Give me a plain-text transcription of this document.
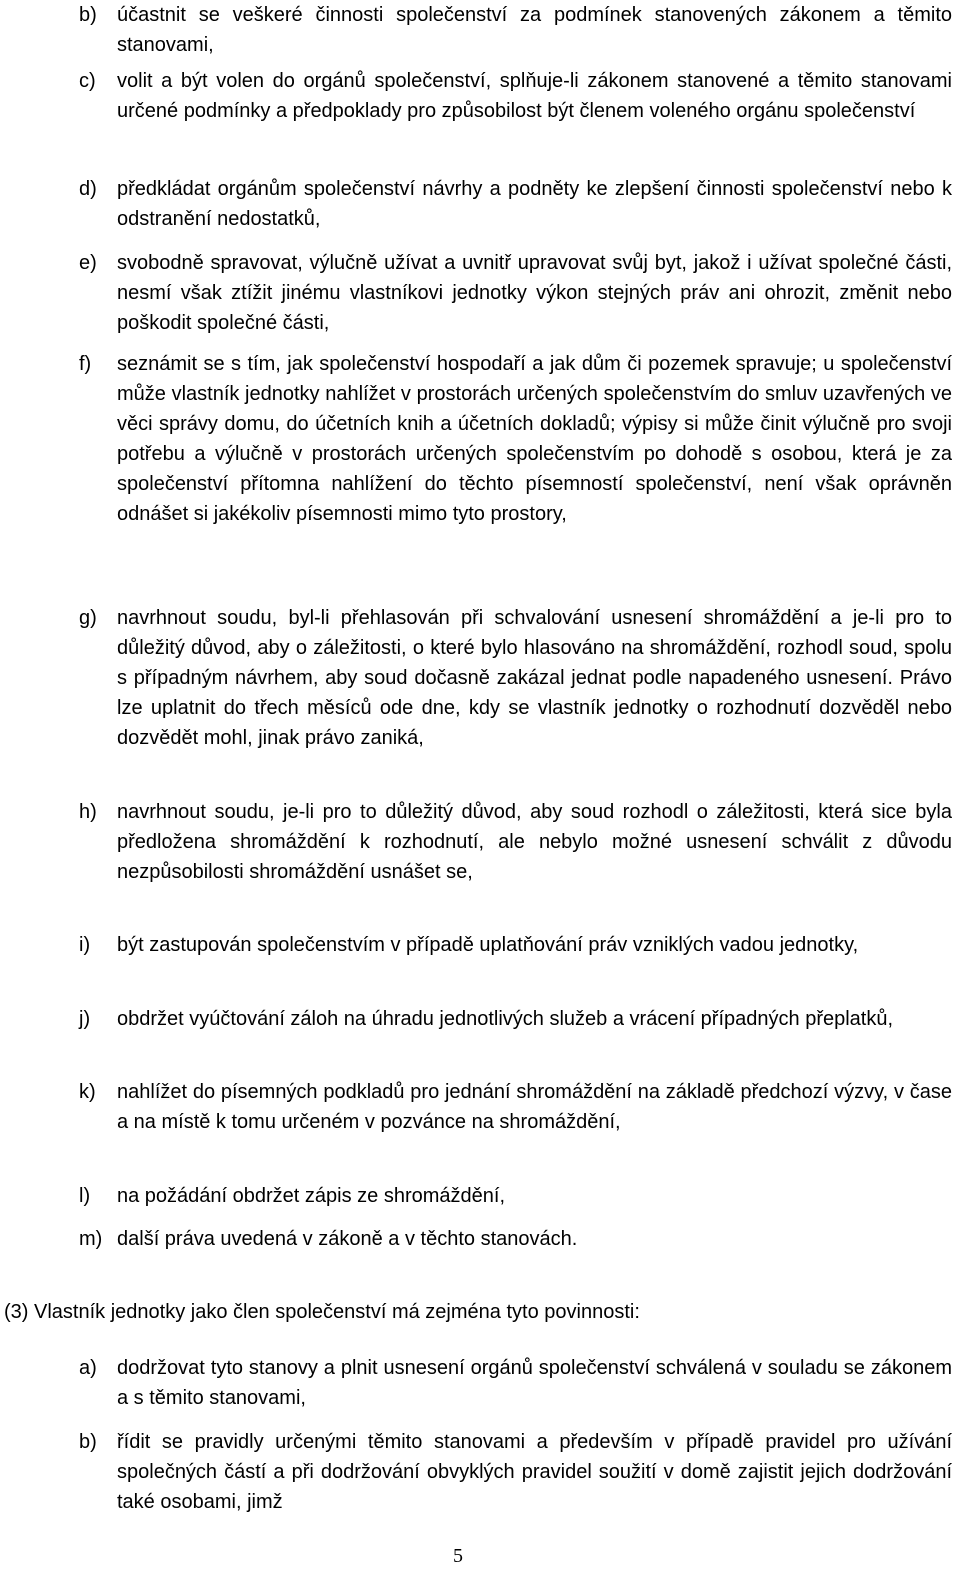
b)	účastnit se veškeré činnosti společenství za podmínek stanovených zákonem a těmito stanovami,
c)	volit a být volen do orgánů společenství, splňuje-li zákonem stanovené a těmito stanovami určené podmínky a předpoklady pro způsobilost být členem voleného orgánu společenství
d)	předkládat orgánům společenství návrhy a podněty ke zlepšení činnosti společenství nebo k odstranění nedostatků,
e)	svobodně spravovat, výlučně užívat a uvnitř upravovat svůj byt, jakož i užívat společné části, nesmí však ztížit jinému vlastníkovi jednotky výkon stejných práv ani ohrozit, změnit nebo poškodit společné části,
f)	seznámit se s tím, jak společenství hospodaří a jak dům či pozemek spravuje; u společenství může vlastník jednotky nahlížet v prostorách určených společenstvím do smluv uzavřených ve věci správy domu, do účetních knih a účetních dokladů; výpisy si může činit výlučně pro svoji potřebu a výlučně v prostorách určených společenstvím po dohodě s osobou, která je za společenství přítomna nahlížení do těchto písemností společenství, není však oprávněn odnášet si jakékoliv písemnosti mimo tyto prostory,
g)	navrhnout soudu, byl-li přehlasován při schvalování usnesení shromáždění a je-li pro to důležitý důvod, aby o záležitosti, o které bylo hlasováno na shromáždění, rozhodl soud, spolu s případným návrhem, aby soud dočasně zakázal jednat podle napadeného usnesení. Právo lze uplatnit do třech měsíců ode dne, kdy se vlastník jednotky o rozhodnutí dozvěděl nebo dozvědět mohl, jinak právo zaniká,
h)	navrhnout soudu, je-li pro to důležitý důvod, aby soud rozhodl o záležitosti, která sice byla předložena shromáždění k rozhodnutí, ale nebylo možné usnesení schválit z důvodu nezpůsobilosti shromáždění usnášet se,
i)	být zastupován společenstvím v případě uplatňování práv vzniklých vadou jednotky,
j)	obdržet vyúčtování záloh na úhradu jednotlivých služeb a vrácení případných přeplatků,
k)	nahlížet do písemných podkladů pro jednání shromáždění na základě předchozí výzvy, v čase a na místě k tomu určeném v pozvánce na shromáždění,
l)	na požádání obdržet zápis ze shromáždění,
m) další práva uvedená v zákoně a v těchto stanovách.

(3) Vlastník jednotky jako člen společenství má zejména tyto povinnosti:

a)	dodržovat tyto stanovy a plnit usnesení orgánů společenství schválená v souladu se zákonem a s těmito stanovami,
b)	řídit se pravidly určenými těmito stanovami a především v případě pravidel pro užívání společných částí a při dodržování obvyklých pravidel soužití v domě zajistit jejich dodržování také osobami, jimž
5
